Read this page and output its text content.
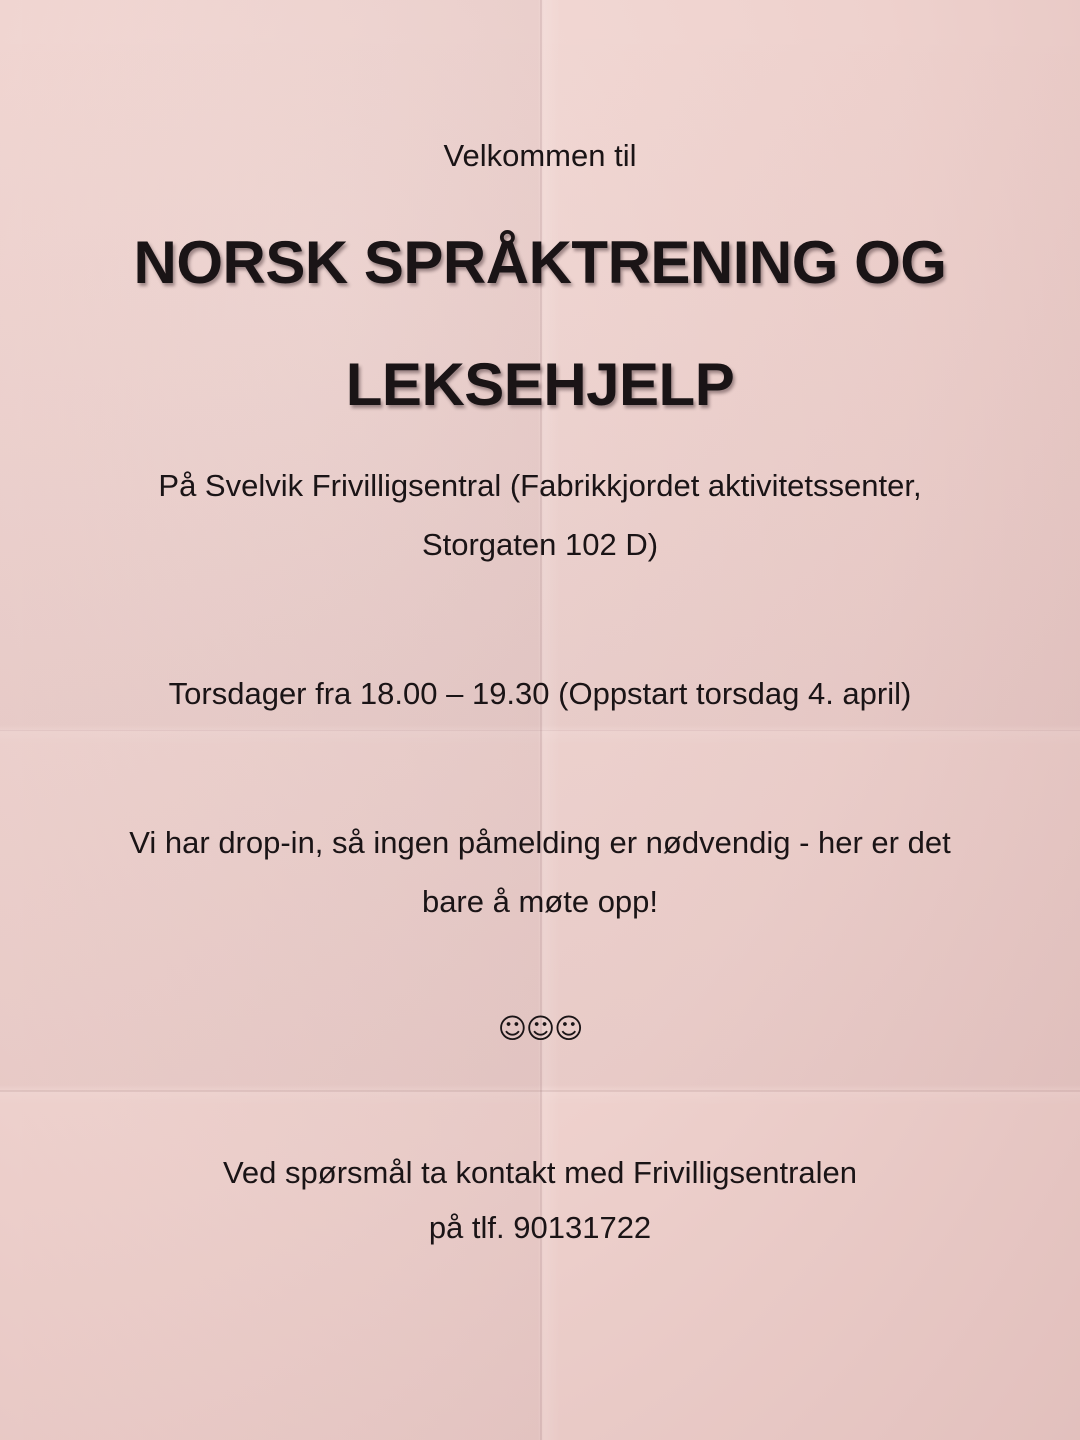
Velkommen til
NORSK SPRÅKTRENING OG
LEKSEHJELP
På Svelvik Frivilligsentral (Fabrikkjordet aktivitetssenter,
Storgaten 102 D)
Torsdager fra 18.00 – 19.30 (Oppstart torsdag 4. april)
Vi har drop-in, så ingen påmelding er nødvendig - her er det
bare å møte opp!
☺☺☺
Ved spørsmål ta kontakt med Frivilligsentralen
på tlf. 90131722
